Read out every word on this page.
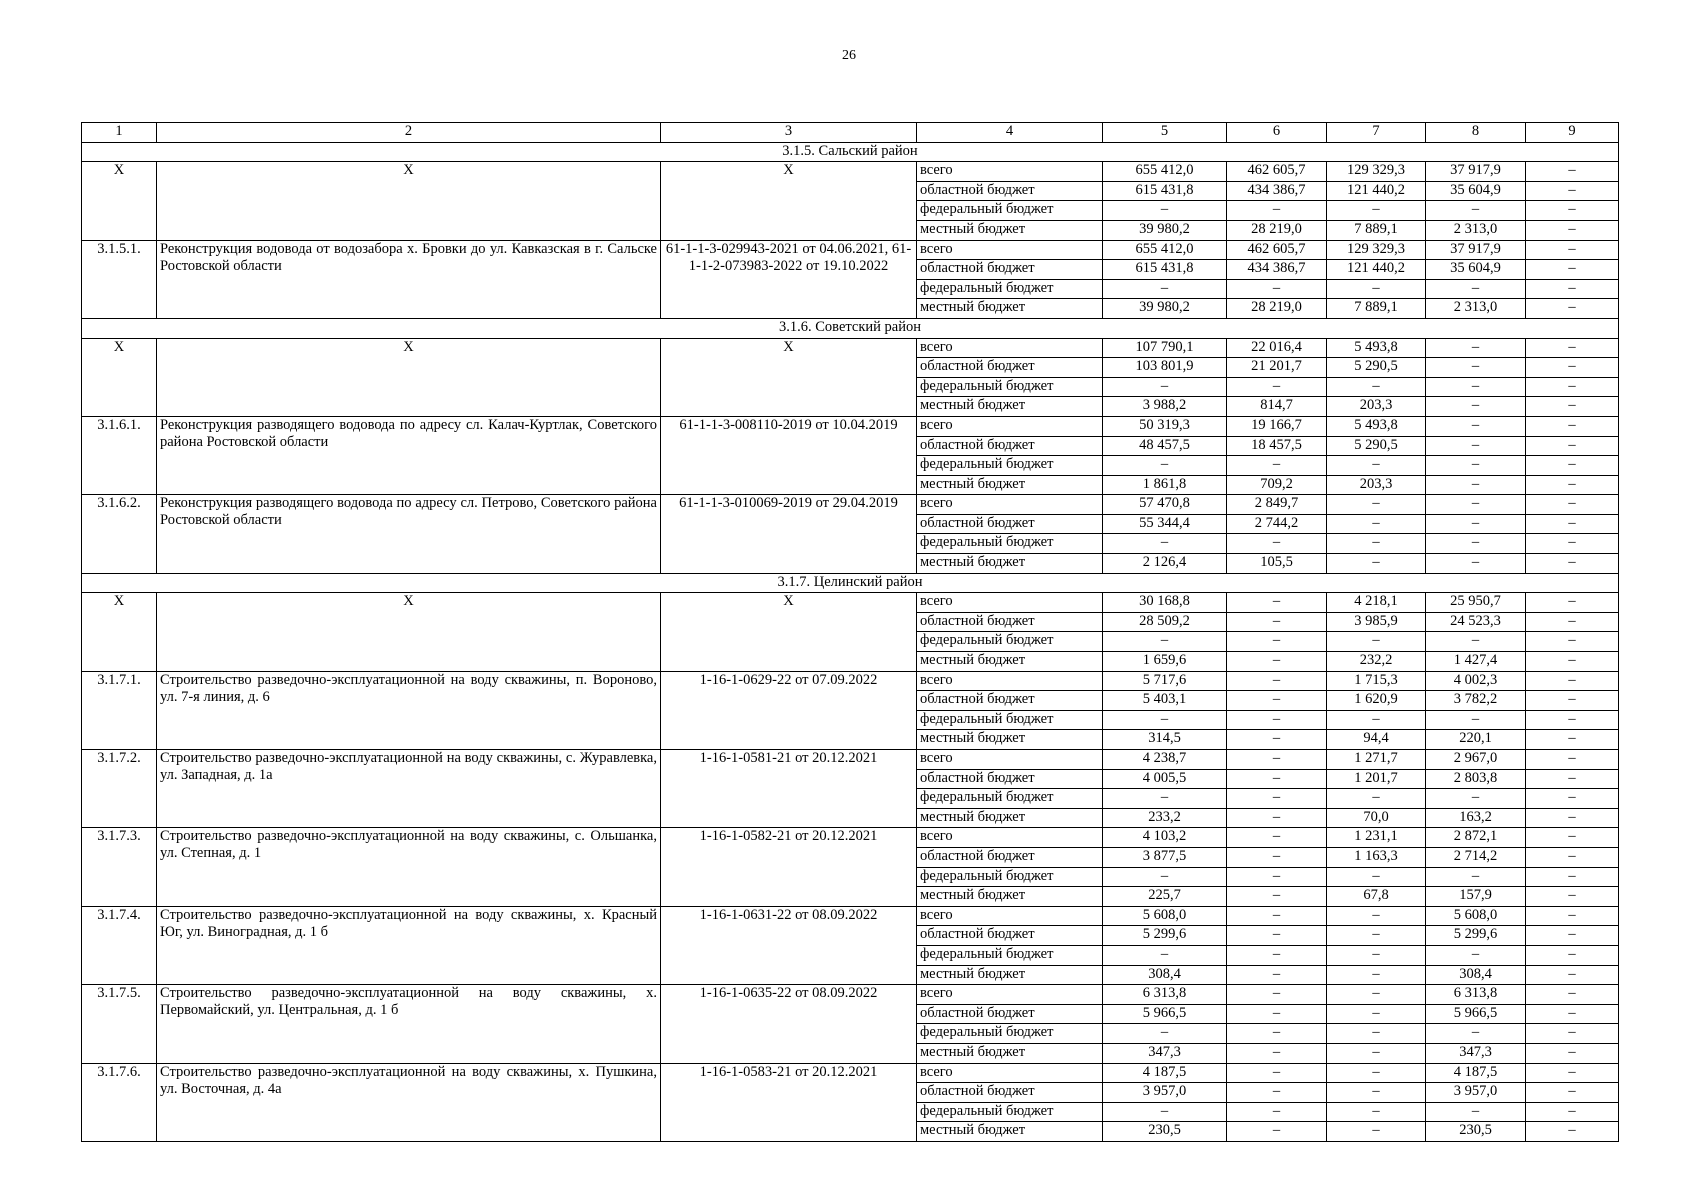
26
1	2	3	4	5	6	7	8	9
3.1.5. Сальский район								
Х	Х	Х	всего	655 412,0	462 605,7	129 329,3	37 917,9	–
			областной бюджет	615 431,8	434 386,7	121 440,2	35 604,9	–
			федеральный бюджет	–	–	–	–	–
			местный бюджет	39 980,2	28 219,0	7 889,1	2 313,0	–
3.1.5.1.	Реконструкция водовода от водозабора х. Бровки до ул. Кавказская в г. Сальске Ростовской области	61-1-1-3-029943-2021 от 04.06.2021, 61-1-1-2-073983-2022 от 19.10.2022	всего	655 412,0	462 605,7	129 329,3	37 917,9	–
			областной бюджет	615 431,8	434 386,7	121 440,2	35 604,9	–
			федеральный бюджет	–	–	–	–	–
			местный бюджет	39 980,2	28 219,0	7 889,1	2 313,0	–
3.1.6. Советский район								
Х	Х	Х	всего	107 790,1	22 016,4	5 493,8	–	–
			областной бюджет	103 801,9	21 201,7	5 290,5	–	–
			федеральный бюджет	–	–	–	–	–
			местный бюджет	3 988,2	814,7	203,3	–	–
3.1.6.1.	Реконструкция разводящего водовода по адресу сл. Калач-Куртлак, Советского района Ростовской области	61-1-1-3-008110-2019 от 10.04.2019	всего	50 319,3	19 166,7	5 493,8	–	–
			областной бюджет	48 457,5	18 457,5	5 290,5	–	–
			федеральный бюджет	–	–	–	–	–
			местный бюджет	1 861,8	709,2	203,3	–	–
3.1.6.2.	Реконструкция разводящего водовода по адресу сл. Петрово, Советского района Ростовской области	61-1-1-3-010069-2019 от 29.04.2019	всего	57 470,8	2 849,7	–	–	–
			областной бюджет	55 344,4	2 744,2	–	–	–
			федеральный бюджет	–	–	–	–	–
			местный бюджет	2 126,4	105,5	–	–	–
3.1.7. Целинский район								
Х	Х	Х	всего	30 168,8	–	4 218,1	25 950,7	–
			областной бюджет	28 509,2	–	3 985,9	24 523,3	–
			федеральный бюджет	–	–	–	–	–
			местный бюджет	1 659,6	–	232,2	1 427,4	–
3.1.7.1.	Строительство разведочно-эксплуатационной на воду скважины, п. Вороново, ул. 7-я линия, д. 6	1-16-1-0629-22 от 07.09.2022	всего	5 717,6	–	1 715,3	4 002,3	–
			областной бюджет	5 403,1	–	1 620,9	3 782,2	–
			федеральный бюджет	–	–	–	–	–
			местный бюджет	314,5	–	94,4	220,1	–
3.1.7.2.	Строительство разведочно-эксплуатационной на воду скважины, с. Журавлевка, ул. Западная, д. 1а	1-16-1-0581-21 от 20.12.2021	всего	4 238,7	–	1 271,7	2 967,0	–
			областной бюджет	4 005,5	–	1 201,7	2 803,8	–
			федеральный бюджет	–	–	–	–	–
			местный бюджет	233,2	–	70,0	163,2	–
3.1.7.3.	Строительство разведочно-эксплуатационной на воду скважины, с. Ольшанка, ул. Степная, д. 1	1-16-1-0582-21 от 20.12.2021	всего	4 103,2	–	1 231,1	2 872,1	–
			областной бюджет	3 877,5	–	1 163,3	2 714,2	–
			федеральный бюджет	–	–	–	–	–
			местный бюджет	225,7	–	67,8	157,9	–
3.1.7.4.	Строительство разведочно-эксплуатационной на воду скважины, х. Красный Юг, ул. Виноградная, д. 1 б	1-16-1-0631-22 от 08.09.2022	всего	5 608,0	–	–	5 608,0	–
			областной бюджет	5 299,6	–	–	5 299,6	–
			федеральный бюджет	–	–	–	–	–
			местный бюджет	308,4	–	–	308,4	–
3.1.7.5.	Строительство разведочно-эксплуатационной на воду скважины, х. Первомайский, ул. Центральная, д. 1 б	1-16-1-0635-22 от 08.09.2022	всего	6 313,8	–	–	6 313,8	–
			областной бюджет	5 966,5	–	–	5 966,5	–
			федеральный бюджет	–	–	–	–	–
			местный бюджет	347,3	–	–	347,3	–
3.1.7.6.	Строительство разведочно-эксплуатационной на воду скважины, х. Пушкина, ул. Восточная, д. 4а	1-16-1-0583-21 от 20.12.2021	всего	4 187,5	–	–	4 187,5	–
			областной бюджет	3 957,0	–	–	3 957,0	–
			федеральный бюджет	–	–	–	–	–
			местный бюджет	230,5	–	–	230,5	–
